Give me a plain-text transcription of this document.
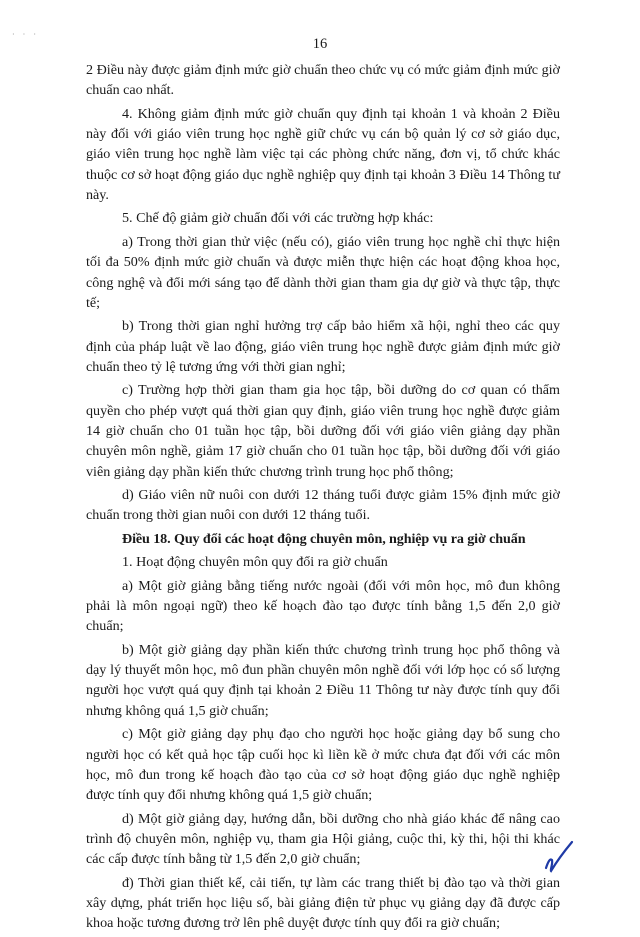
· · ·
16

2 Điều này được giảm định mức giờ chuẩn theo chức vụ có mức giảm định mức giờ chuẩn cao nhất.

4. Không giảm định mức giờ chuẩn quy định tại khoản 1 và khoản 2 Điều này đối với giáo viên trung học nghề giữ chức vụ cán bộ quản lý cơ sở giáo dục, giáo viên trung học nghề làm việc tại các phòng chức năng, đơn vị, tổ chức khác thuộc cơ sở hoạt động giáo dục nghề nghiệp quy định tại khoản 3 Điều 14 Thông tư này.

5. Chế độ giảm giờ chuẩn đối với các trường hợp khác:

a) Trong thời gian thử việc (nếu có), giáo viên trung học nghề chỉ thực hiện tối đa 50% định mức giờ chuẩn và được miễn thực hiện các hoạt động khoa học, công nghệ và đổi mới sáng tạo để dành thời gian tham gia dự giờ và thực tập, thực tế;

b) Trong thời gian nghỉ hưởng trợ cấp bảo hiểm xã hội, nghỉ theo các quy định của pháp luật về lao động, giáo viên trung học nghề được giảm định mức giờ chuẩn theo tỷ lệ tương ứng với thời gian nghỉ;

c) Trường hợp thời gian tham gia học tập, bồi dưỡng do cơ quan có thẩm quyền cho phép vượt quá thời gian quy định, giáo viên trung học nghề được giảm 14 giờ chuẩn cho 01 tuần học tập, bồi dưỡng đối với giáo viên giảng dạy phần chuyên môn nghề, giảm 17 giờ chuẩn cho 01 tuần học tập, bồi dưỡng đối với giáo viên giảng dạy phần kiến thức chương trình trung học phổ thông;

d) Giáo viên nữ nuôi con dưới 12 tháng tuổi được giảm 15% định mức giờ chuẩn trong thời gian nuôi con dưới 12 tháng tuổi.

Điều 18. Quy đổi các hoạt động chuyên môn, nghiệp vụ ra giờ chuẩn

1. Hoạt động chuyên môn quy đổi ra giờ chuẩn

a) Một giờ giảng bằng tiếng nước ngoài (đối với môn học, mô đun không phải là môn ngoại ngữ) theo kế hoạch đào tạo được tính bằng 1,5 đến 2,0 giờ chuẩn;

b) Một giờ giảng dạy phần kiến thức chương trình trung học phổ thông và dạy lý thuyết môn học, mô đun phần chuyên môn nghề đối với lớp học có số lượng người học vượt quá quy định tại khoản 2 Điều 11 Thông tư này được tính quy đổi nhưng không quá 1,5 giờ chuẩn;

c) Một giờ giảng dạy phụ đạo cho người học hoặc giảng dạy bổ sung cho người học có kết quả học tập cuối học kì liền kề ở mức chưa đạt đối với các môn học, mô đun trong kế hoạch đào tạo của cơ sở hoạt động giáo dục nghề nghiệp được tính quy đổi nhưng không quá 1,5 giờ chuẩn;

d) Một giờ giảng dạy, hướng dẫn, bồi dưỡng cho nhà giáo khác để nâng cao trình độ chuyên môn, nghiệp vụ, tham gia Hội giảng, cuộc thi, kỳ thi, hội thi khác các cấp được tính bằng từ 1,5 đến 2,0 giờ chuẩn;

đ) Thời gian thiết kế, cải tiến, tự làm các trang thiết bị đào tạo và thời gian xây dựng, phát triển học liệu số, bài giảng điện tử phục vụ giảng dạy đã được cấp khoa hoặc tương đương trở lên phê duyệt được tính quy đổi ra giờ chuẩn;
